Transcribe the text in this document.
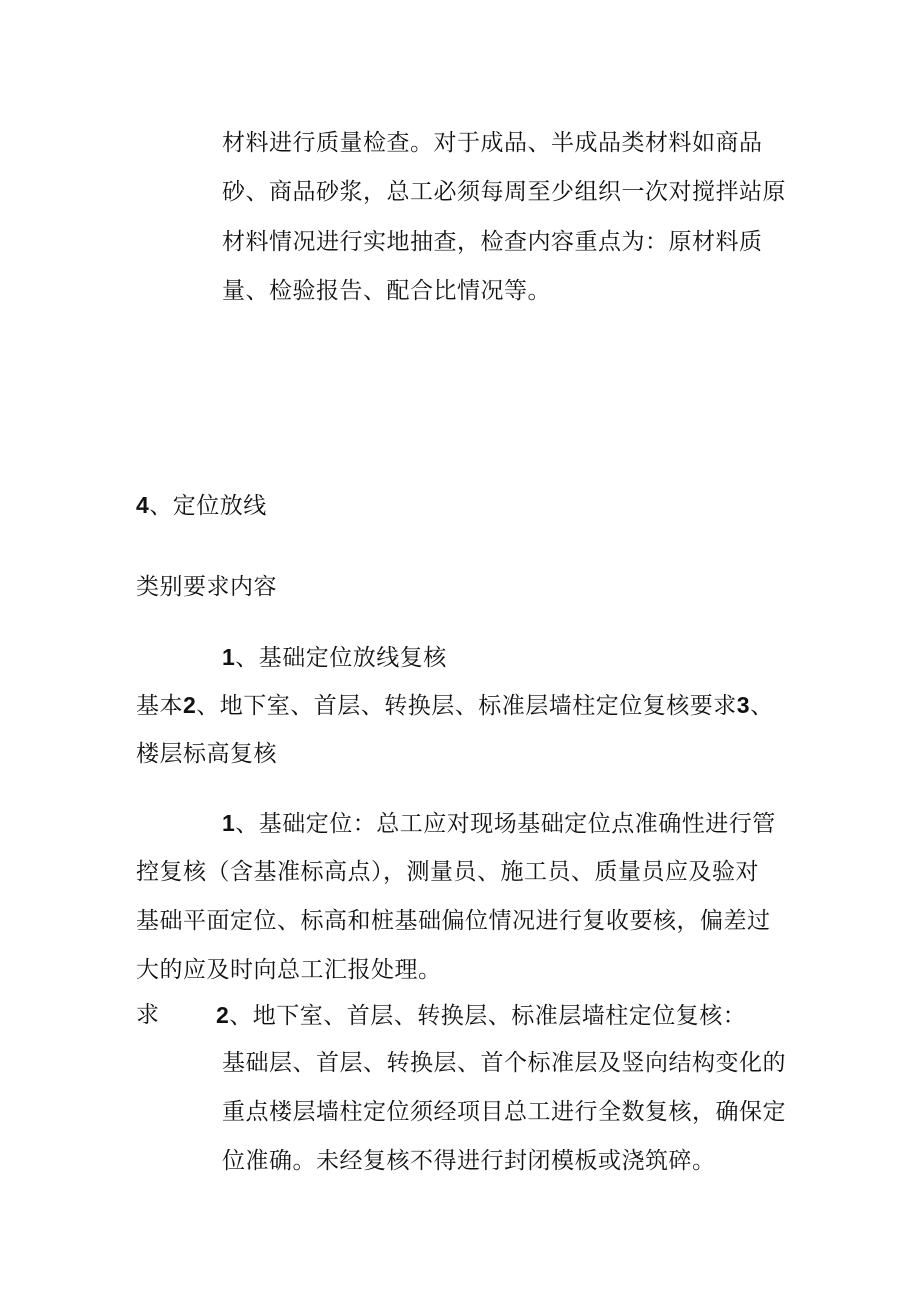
材料进行质量检查。对于成品、半成品类材料如商品
砂、商品砂浆，总工必须每周至少组织一次对搅拌站原
材料情况进行实地抽查，检查内容重点为：原材料质
量、检验报告、配合比情况等。
4、定位放线
类别要求内容
1、基础定位放线复核
基本2、地下室、首层、转换层、标准层墙柱定位复核要求3、
楼层标高复核
1、基础定位：总工应对现场基础定位点准确性进行管
控复核（含基准标高点），测量员、施工员、质量员应及验对
基础平面定位、标高和桩基础偏位情况进行复收要核，偏差过
大的应及时向总工汇报处理。
求 2、地下室、首层、转换层、标准层墙柱定位复核：
基础层、首层、转换层、首个标准层及竖向结构变化的
重点楼层墙柱定位须经项目总工进行全数复核，确保定
位准确。未经复核不得进行封闭模板或浇筑碎。
